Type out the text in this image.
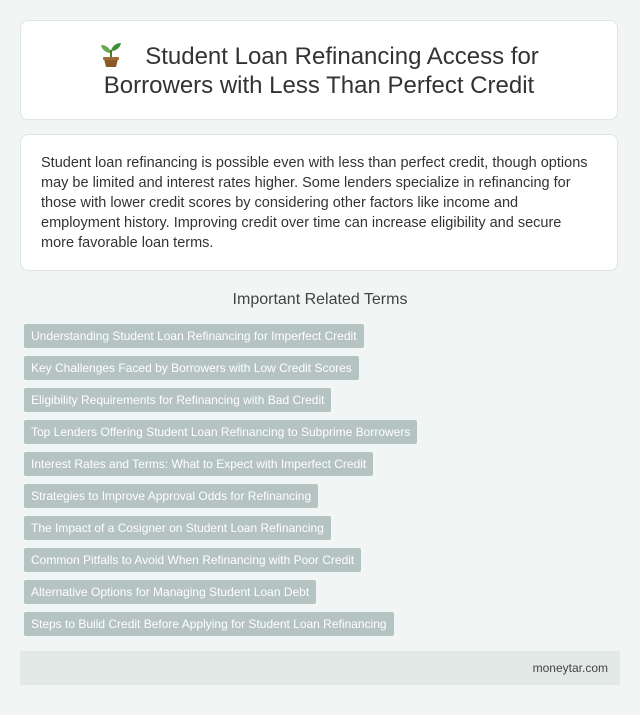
Student Loan Refinancing Access for
Borrowers with Less Than Perfect Credit

Student loan refinancing is possible even with less than perfect credit, though options may be limited and interest rates higher. Some lenders specialize in refinancing for those with lower credit scores by considering other factors like income and employment history. Improving credit over time can increase eligibility and secure more favorable loan terms.

Important Related Terms
Understanding Student Loan Refinancing for Imperfect Credit
Key Challenges Faced by Borrowers with Low Credit Scores
Eligibility Requirements for Refinancing with Bad Credit
Top Lenders Offering Student Loan Refinancing to Subprime Borrowers
Interest Rates and Terms: What to Expect with Imperfect Credit
Strategies to Improve Approval Odds for Refinancing
The Impact of a Cosigner on Student Loan Refinancing
Common Pitfalls to Avoid When Refinancing with Poor Credit
Alternative Options for Managing Student Loan Debt
Steps to Build Credit Before Applying for Student Loan Refinancing
moneytar.com
